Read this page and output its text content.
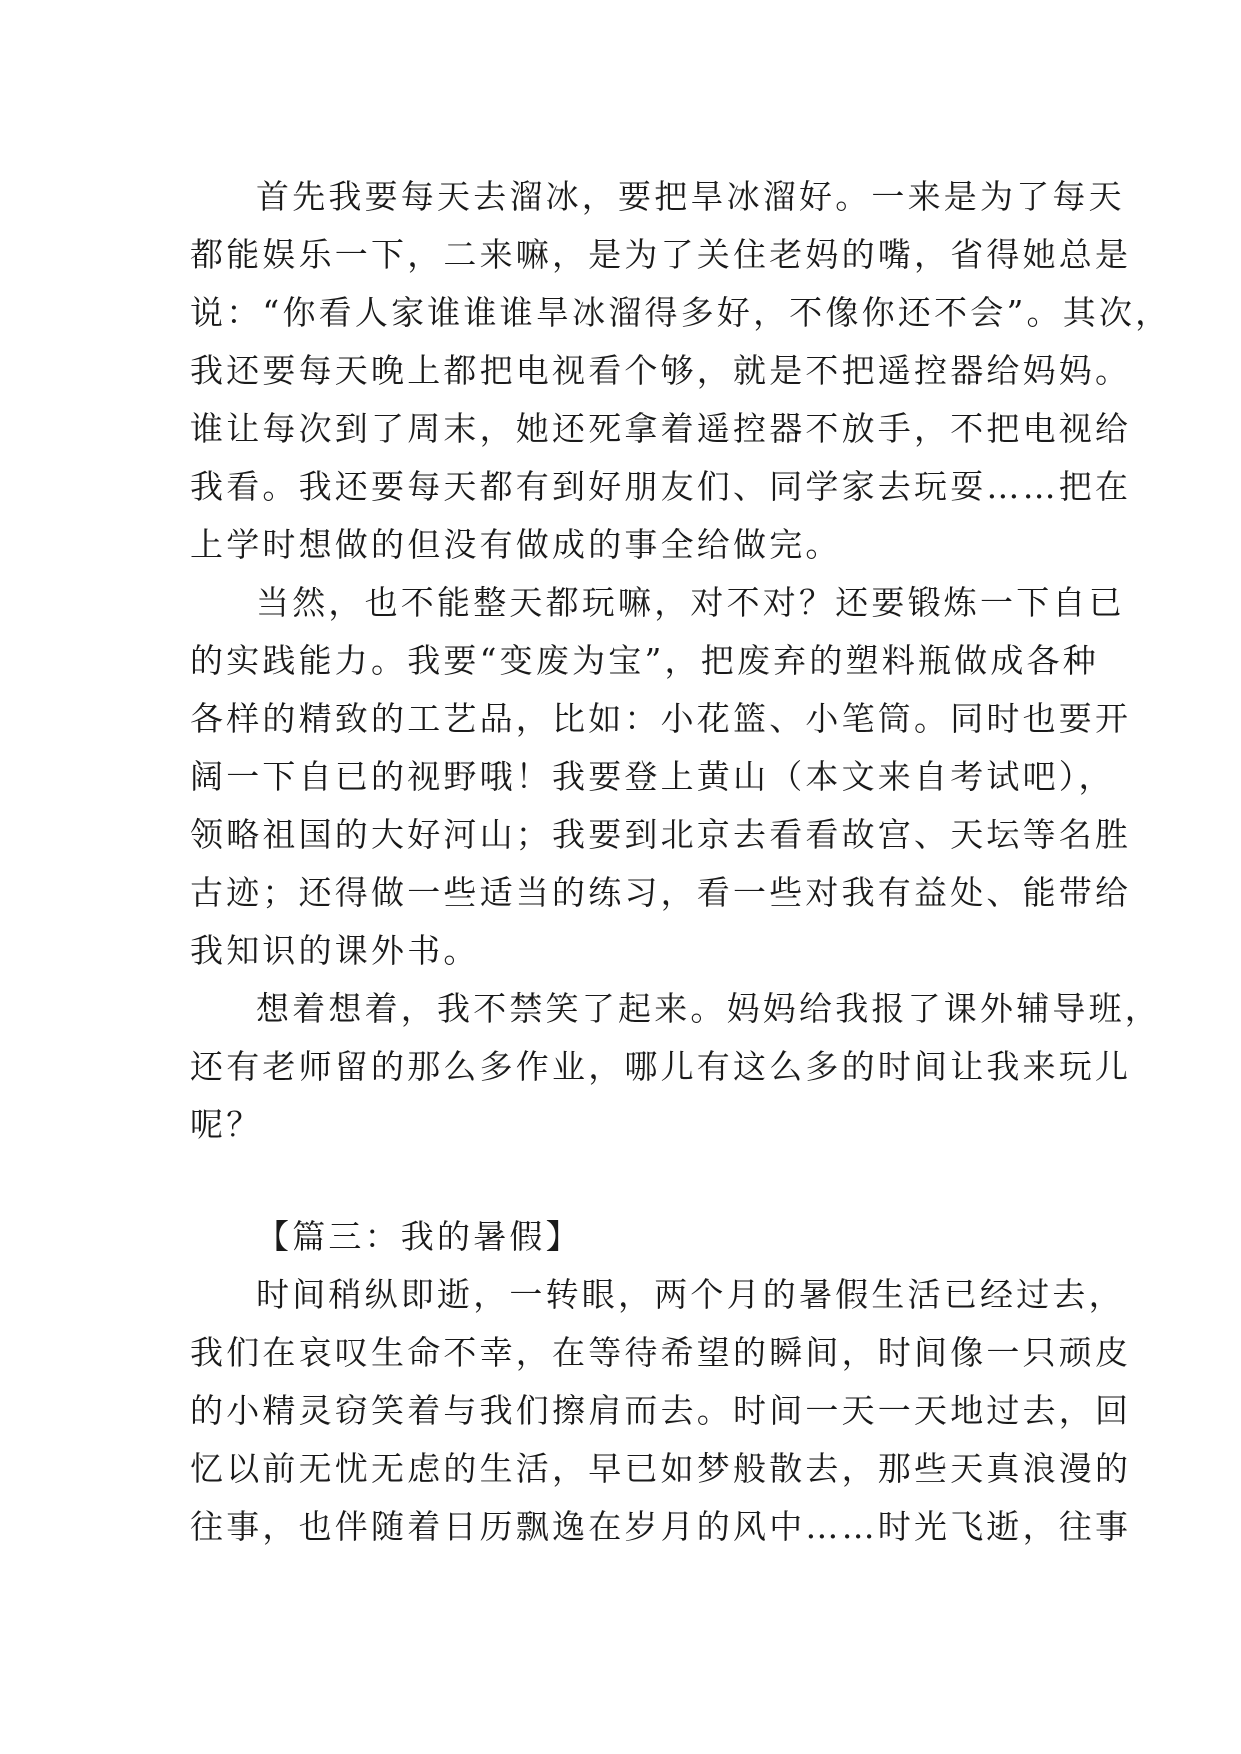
首先我要每天去溜冰，要把旱冰溜好。一来是为了每天
都能娱乐一下，二来嘛，是为了关住老妈的嘴，省得她总是
说：“你看人家谁谁谁旱冰溜得多好，不像你还不会”。其次，
我还要每天晚上都把电视看个够，就是不把遥控器给妈妈。
谁让每次到了周末，她还死拿着遥控器不放手，不把电视给
我看。我还要每天都有到好朋友们、同学家去玩耍……把在
上学时想做的但没有做成的事全给做完。
当然，也不能整天都玩嘛，对不对？还要锻炼一下自已
的实践能力。我要“变废为宝”，把废弃的塑料瓶做成各种
各样的精致的工艺品，比如：小花篮、小笔筒。同时也要开
阔一下自已的视野哦！我要登上黄山（本文来自考试吧），
领略祖国的大好河山；我要到北京去看看故宫、天坛等名胜
古迹；还得做一些适当的练习，看一些对我有益处、能带给
我知识的课外书。
想着想着，我不禁笑了起来。妈妈给我报了课外辅导班，
还有老师留的那么多作业，哪儿有这么多的时间让我来玩儿
呢？
【篇三：我的暑假】
时间稍纵即逝，一转眼，两个月的暑假生活已经过去，
我们在哀叹生命不幸，在等待希望的瞬间，时间像一只顽皮
的小精灵窃笑着与我们擦肩而去。时间一天一天地过去，回
忆以前无忧无虑的生活，早已如梦般散去，那些天真浪漫的
往事，也伴随着日历飘逸在岁月的风中……时光飞逝，往事
